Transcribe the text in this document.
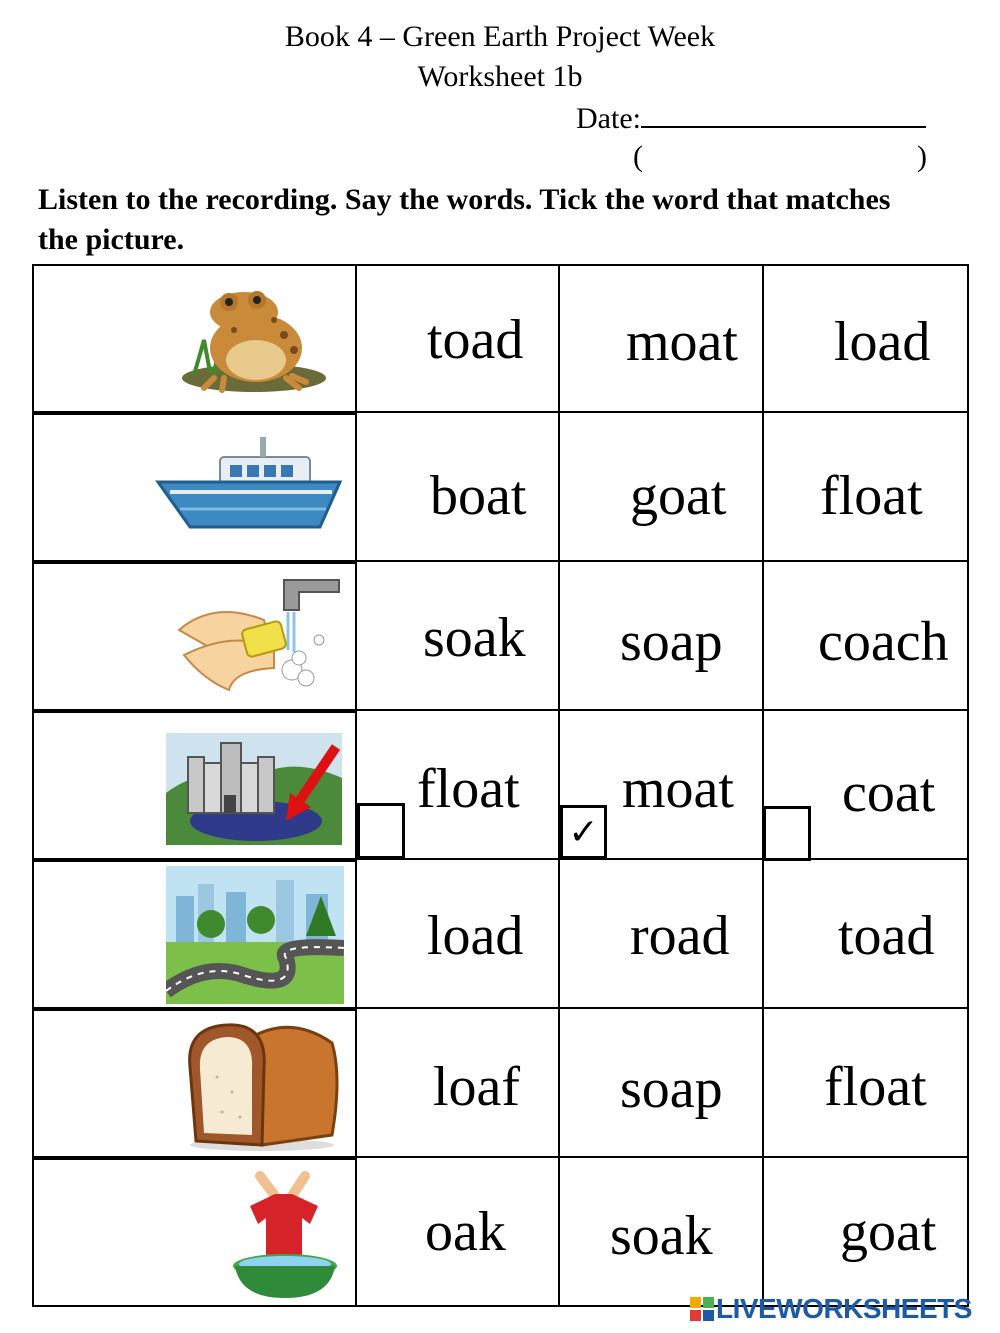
Book 4 – Green Earth Project Week
Worksheet 1b
Date:
(	)
Listen to the recording. Say the words. Tick the word that matches the picture.
toad moat load
boat goat float
soak soap coach
float moat coat
✓
load road toad
loaf soap float
oak soak goat
LIVEWORKSHEETS
